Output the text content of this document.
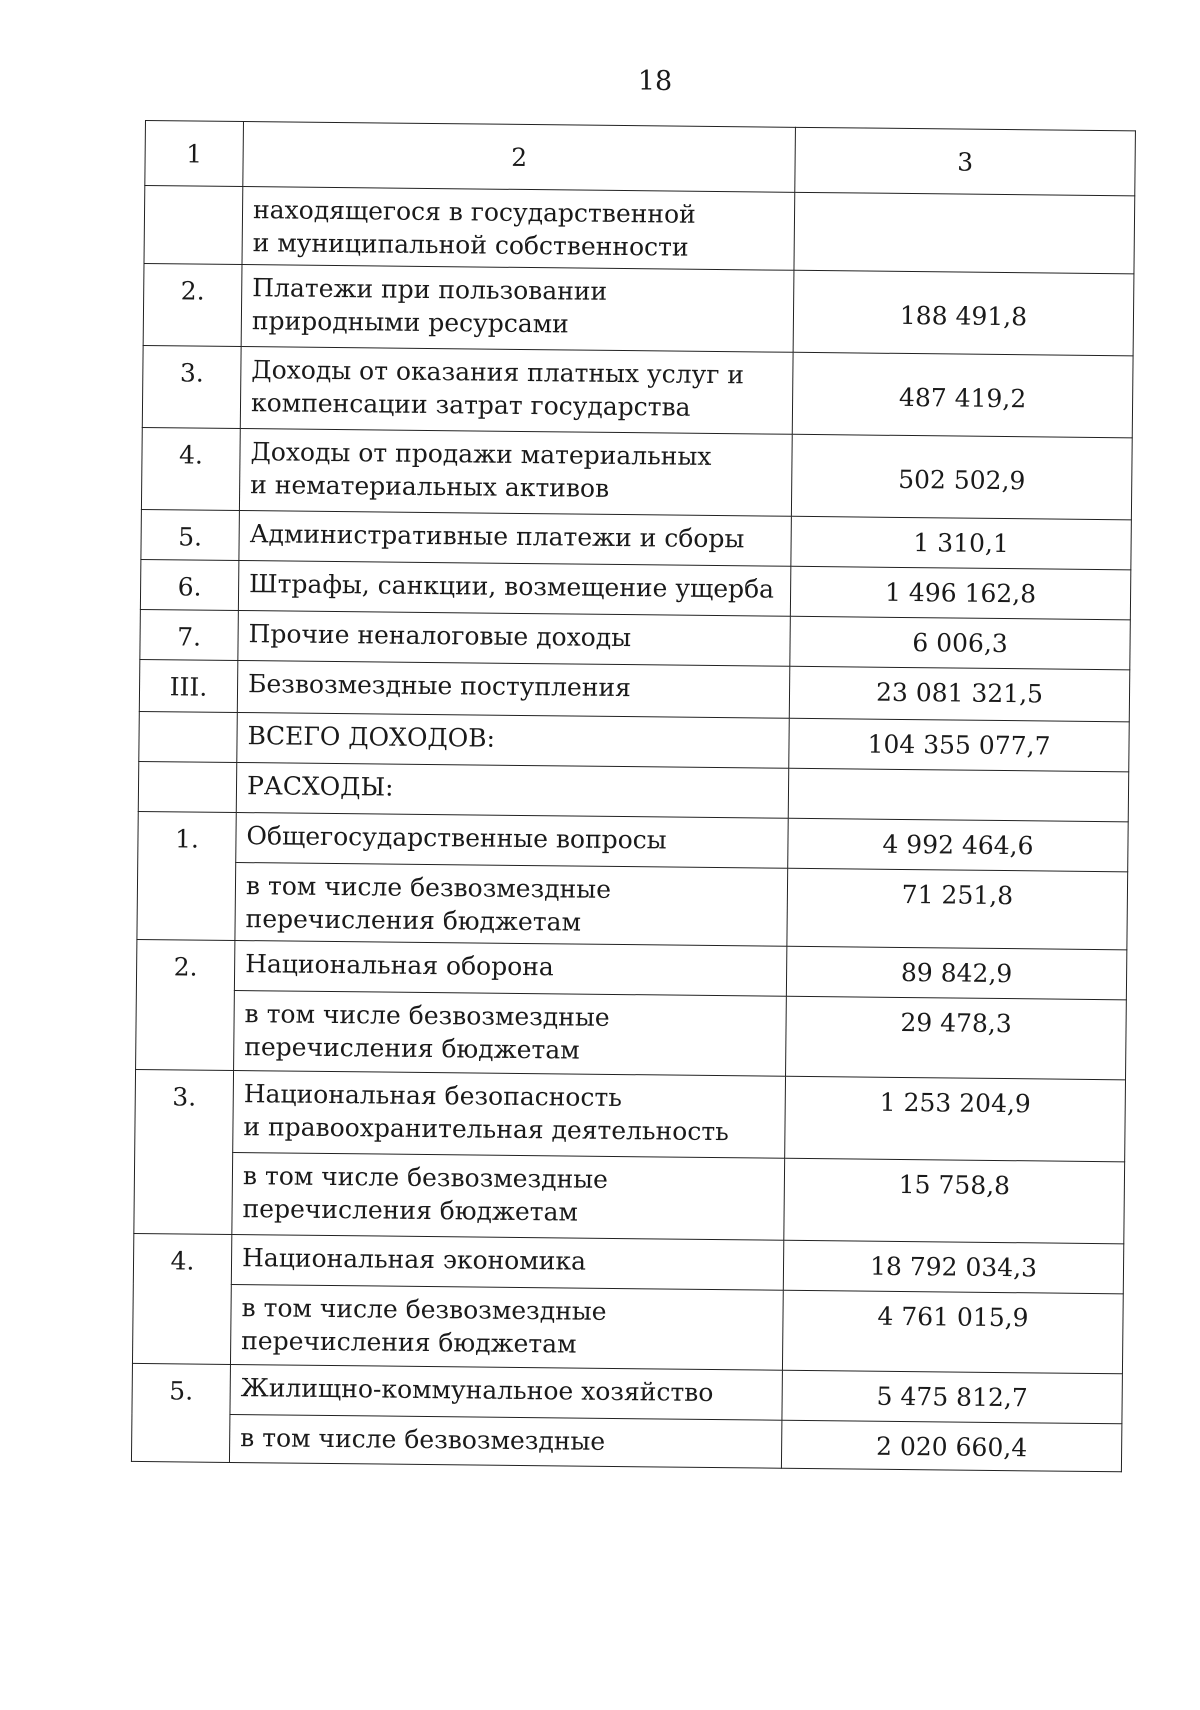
18
1	2	3
	находящегося в государственной
и муниципальной собственности	
2.	Платежи при пользовании
природными ресурсами	188 491,8
3.	Доходы от оказания платных услуг и
компенсации затрат государства	487 419,2
4.	Доходы от продажи материальных
и нематериальных активов	502 502,9
5.	Административные платежи и сборы	1 310,1
6.	Штрафы, санкции, возмещение ущерба	1 496 162,8
7.	Прочие неналоговые доходы	6 006,3
III.	Безвозмездные поступления	23 081 321,5
	ВСЕГО ДОХОДОВ:	104 355 077,7
	РАСХОДЫ:	
1.	Общегосударственные вопросы	4 992 464,6
	в том числе безвозмездные
перечисления бюджетам	71 251,8
2.	Национальная оборона	89 842,9
	в том числе безвозмездные
перечисления бюджетам	29 478,3
3.	Национальная безопасность
и правоохранительная деятельность	1 253 204,9
	в том числе безвозмездные
перечисления бюджетам	15 758,8
4.	Национальная экономика	18 792 034,3
	в том числе безвозмездные
перечисления бюджетам	4 761 015,9
5.	Жилищно-коммунальное хозяйство	5 475 812,7
	в том числе безвозмездные	2 020 660,4
